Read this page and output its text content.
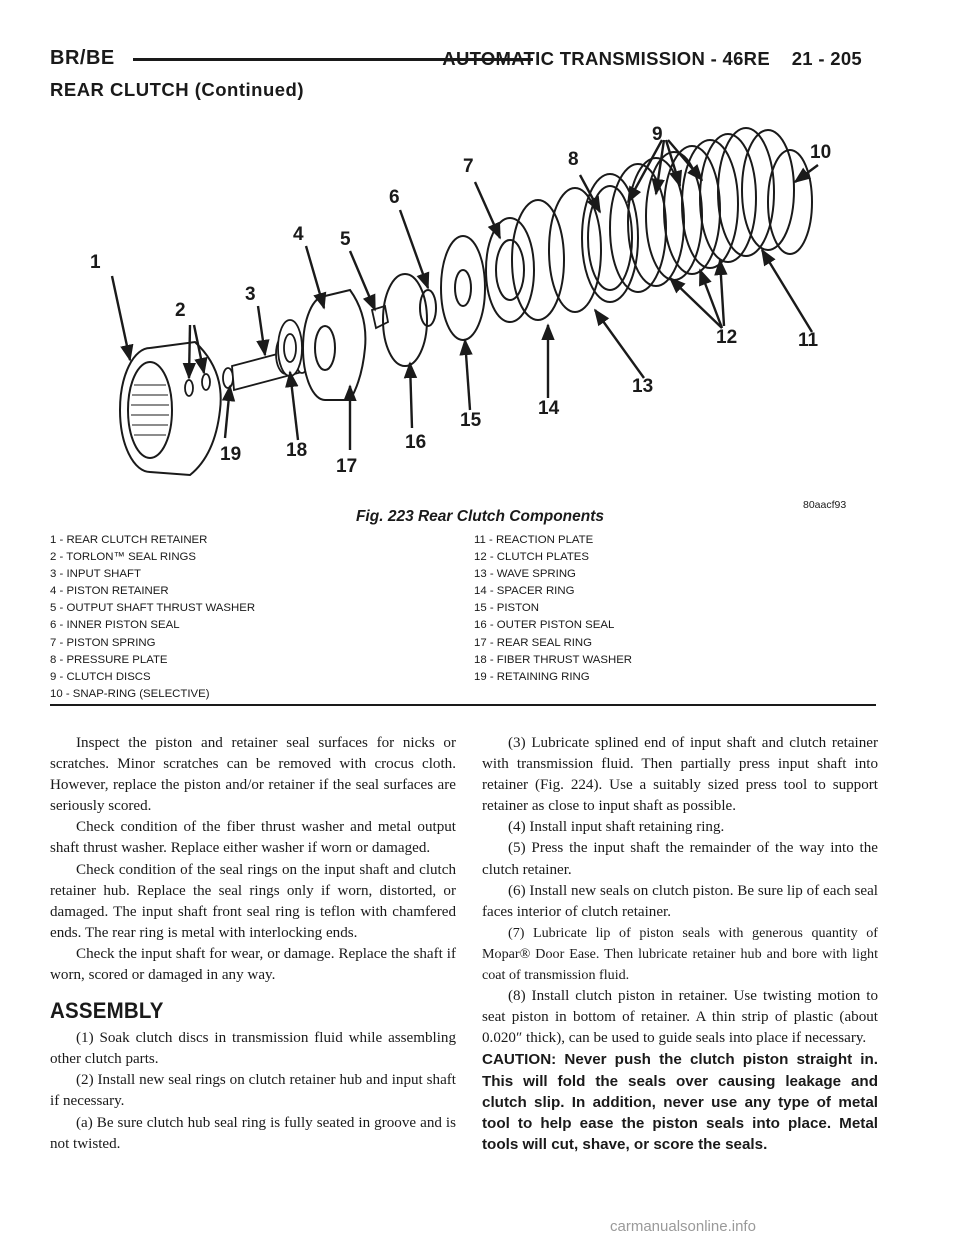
BR/BE	AUTOMATIC TRANSMISSION - 46RE    21 - 205
REAR CLUTCH (Continued)
1
2
3
4 5
6
7	8
9
10
11
12
13
14
15
16
17
18
19
80aacf93
Fig. 223 Rear Clutch Components
1 - REAR CLUTCH RETAINER
2 - TORLON™ SEAL RINGS
3 - INPUT SHAFT
4 - PISTON RETAINER
5 - OUTPUT SHAFT THRUST WASHER
6 - INNER PISTON SEAL
7 - PISTON SPRING
8 - PRESSURE PLATE
9 - CLUTCH DISCS
10 - SNAP-RING (SELECTIVE)
11 - REACTION PLATE
12 - CLUTCH PLATES
13 - WAVE SPRING
14 - SPACER RING
15 - PISTON
16 - OUTER PISTON SEAL
17 - REAR SEAL RING
18 - FIBER THRUST WASHER
19 - RETAINING RING

Inspect the piston and retainer seal surfaces for nicks or scratches. Minor scratches can be removed with crocus cloth. However, replace the piston and/or retainer if the seal surfaces are seriously scored.

Check condition of the fiber thrust washer and metal output shaft thrust washer. Replace either washer if worn or damaged.

Check condition of the seal rings on the input shaft and clutch retainer hub. Replace the seal rings only if worn, distorted, or damaged. The input shaft front seal ring is teflon with chamfered ends. The rear ring is metal with interlocking ends.

Check the input shaft for wear, or damage. Replace the shaft if worn, scored or damaged in any way.

ASSEMBLY

(1) Soak clutch discs in transmission fluid while assembling other clutch parts.

(2) Install new seal rings on clutch retainer hub and input shaft if necessary.

(a) Be sure clutch hub seal ring is fully seated in groove and is not twisted.

(3) Lubricate splined end of input shaft and clutch retainer with transmission fluid. Then partially press input shaft into retainer (Fig. 224). Use a suitably sized press tool to support retainer as close to input shaft as possible.

(4) Install input shaft retaining ring.

(5) Press the input shaft the remainder of the way into the clutch retainer.

(6) Install new seals on clutch piston. Be sure lip of each seal faces interior of clutch retainer.

(7) Lubricate lip of piston seals with generous quantity of Mopar® Door Ease. Then lubricate retainer hub and bore with light coat of transmission fluid.

(8) Install clutch piston in retainer. Use twisting motion to seat piston in bottom of retainer. A thin strip of plastic (about 0.020″ thick), can be used to guide seals into place if necessary.

CAUTION: Never push the clutch piston straight in. This will fold the seals over causing leakage and clutch slip. In addition, never use any type of metal tool to help ease the piston seals into place. Metal tools will cut, shave, or score the seals.

carmanualsonline.info
